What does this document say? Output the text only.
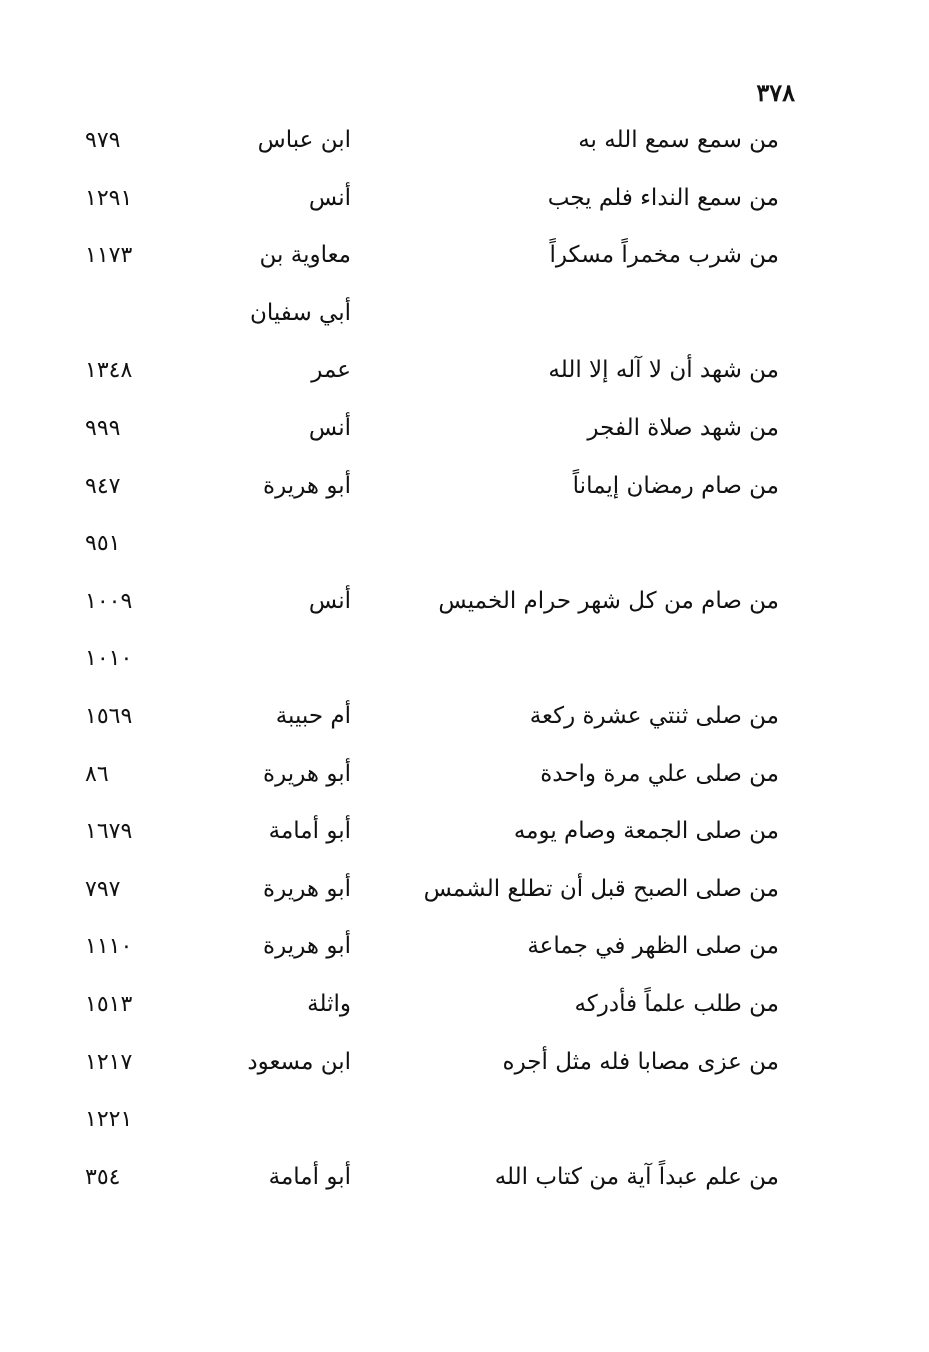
٣٧٨
من سمع سمع الله به
ابن عباس
٩٧٩
من سمع النداء فلم يجب
أنس
١٢٩١
من شرب مخمراً مسكراً
معاوية بن
١١٧٣
أبي سفيان
من شهد أن لا آله إلا الله
عمر
١٣٤٨
من شهد صلاة الفجر
أنس
٩٩٩
من صام رمضان إيماناً
أبو هريرة
٩٤٧
٩٥١
من صام من كل شهر حرام الخميس
أنس
١٠٠٩
١٠١٠
من صلى ثنتي عشرة ركعة
أم حبيبة
١٥٦٩
من صلى علي مرة واحدة
أبو هريرة
٨٦
من صلى الجمعة وصام يومه
أبو أمامة
١٦٧٩
من صلى الصبح قبل أن تطلع الشمس
أبو هريرة
٧٩٧
من صلى الظهر في جماعة
أبو هريرة
١١١٠
من طلب علماً فأدركه
واثلة
١٥١٣
من عزى مصابا فله مثل أجره
ابن مسعود
١٢١٧
١٢٢١
من علم عبداً آية من كتاب الله
أبو أمامة
٣٥٤
